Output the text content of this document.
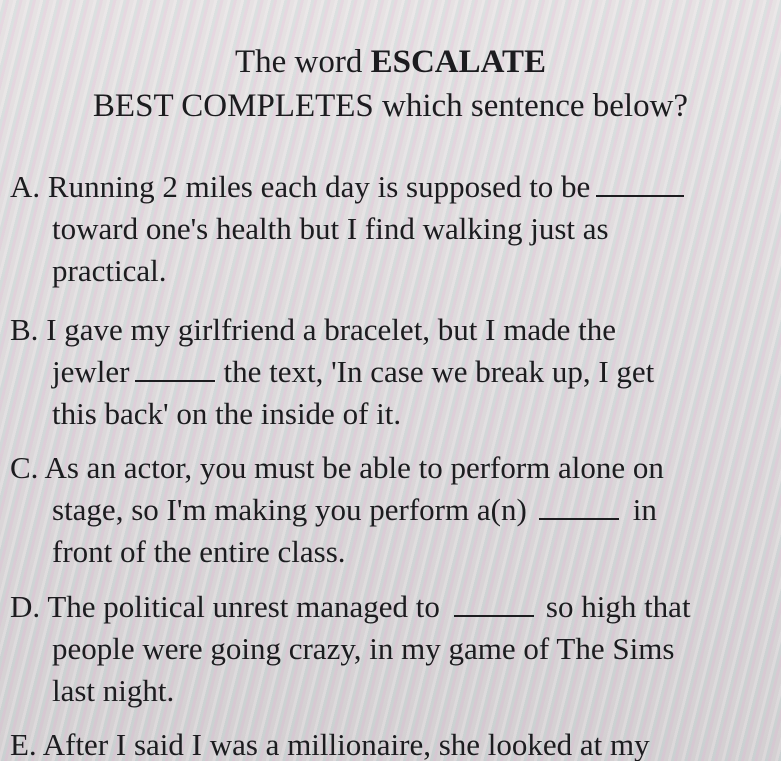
The word ESCALATE
BEST COMPLETES which sentence below?
A. Running 2 miles each day is supposed to be
toward one's health but I find walking just as
practical.
B. I gave my girlfriend a bracelet, but I made the
jewler	the text, 'In case we break up, I get
this back' on the inside of it.
C. As an actor, you must be able to perform alone on
stage, so I'm making you perform a(n)	in
front of the entire class.
D. The political unrest managed to	so high that
people were going crazy, in my game of The Sims
last night.
E. After I said I was a millionaire, she looked at my
